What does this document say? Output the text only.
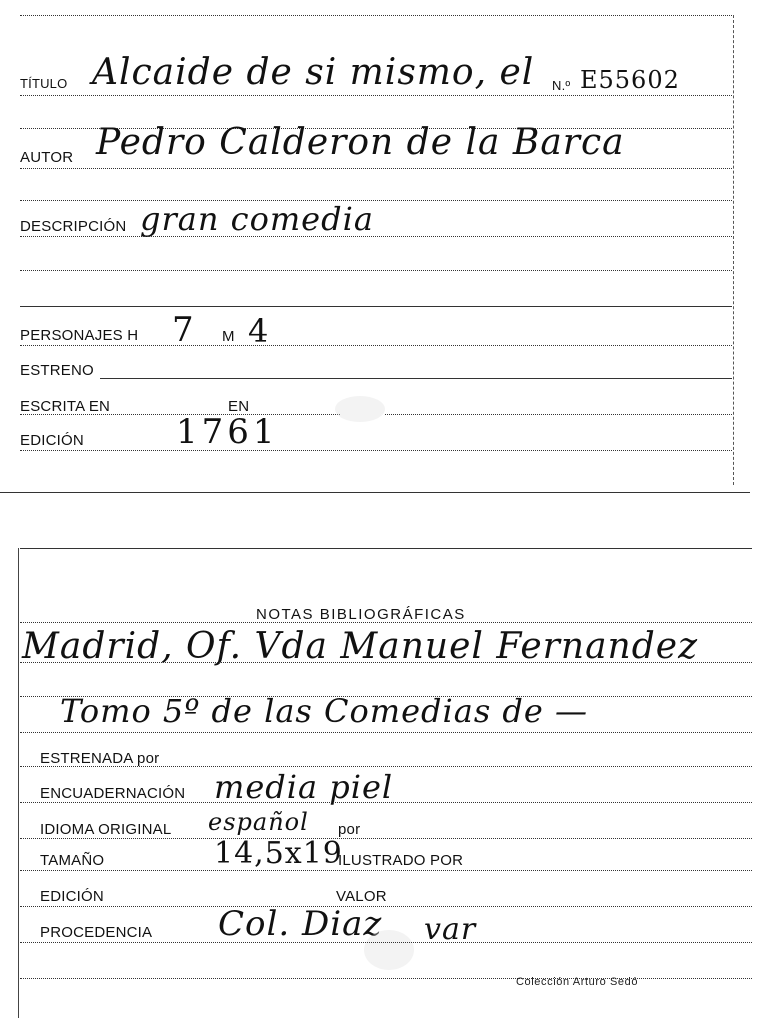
TÍTULO Alcaide de si mismo, el N.º E55602
AUTOR Pedro Calderon de la Barca
DESCRIPCIÓN gran comedia
PERSONAJES H 7 M 4
ESTRENO
ESCRITA EN	EN
EDICIÓN	1761
NOTAS BIBLIOGRÁFICAS
Madrid, Of. Vda Manuel Fernandez
Tomo 5º de las Comedias de —
ESTRENADA por
ENCUADERNACIÓN media piel
IDIOMA ORIGINAL español por
TAMAÑO	14,5x19
ILUSTRADO POR
EDICIÓN	VALOR
PROCEDENCIA Col. Diaz var
Colección Arturo Sedó
